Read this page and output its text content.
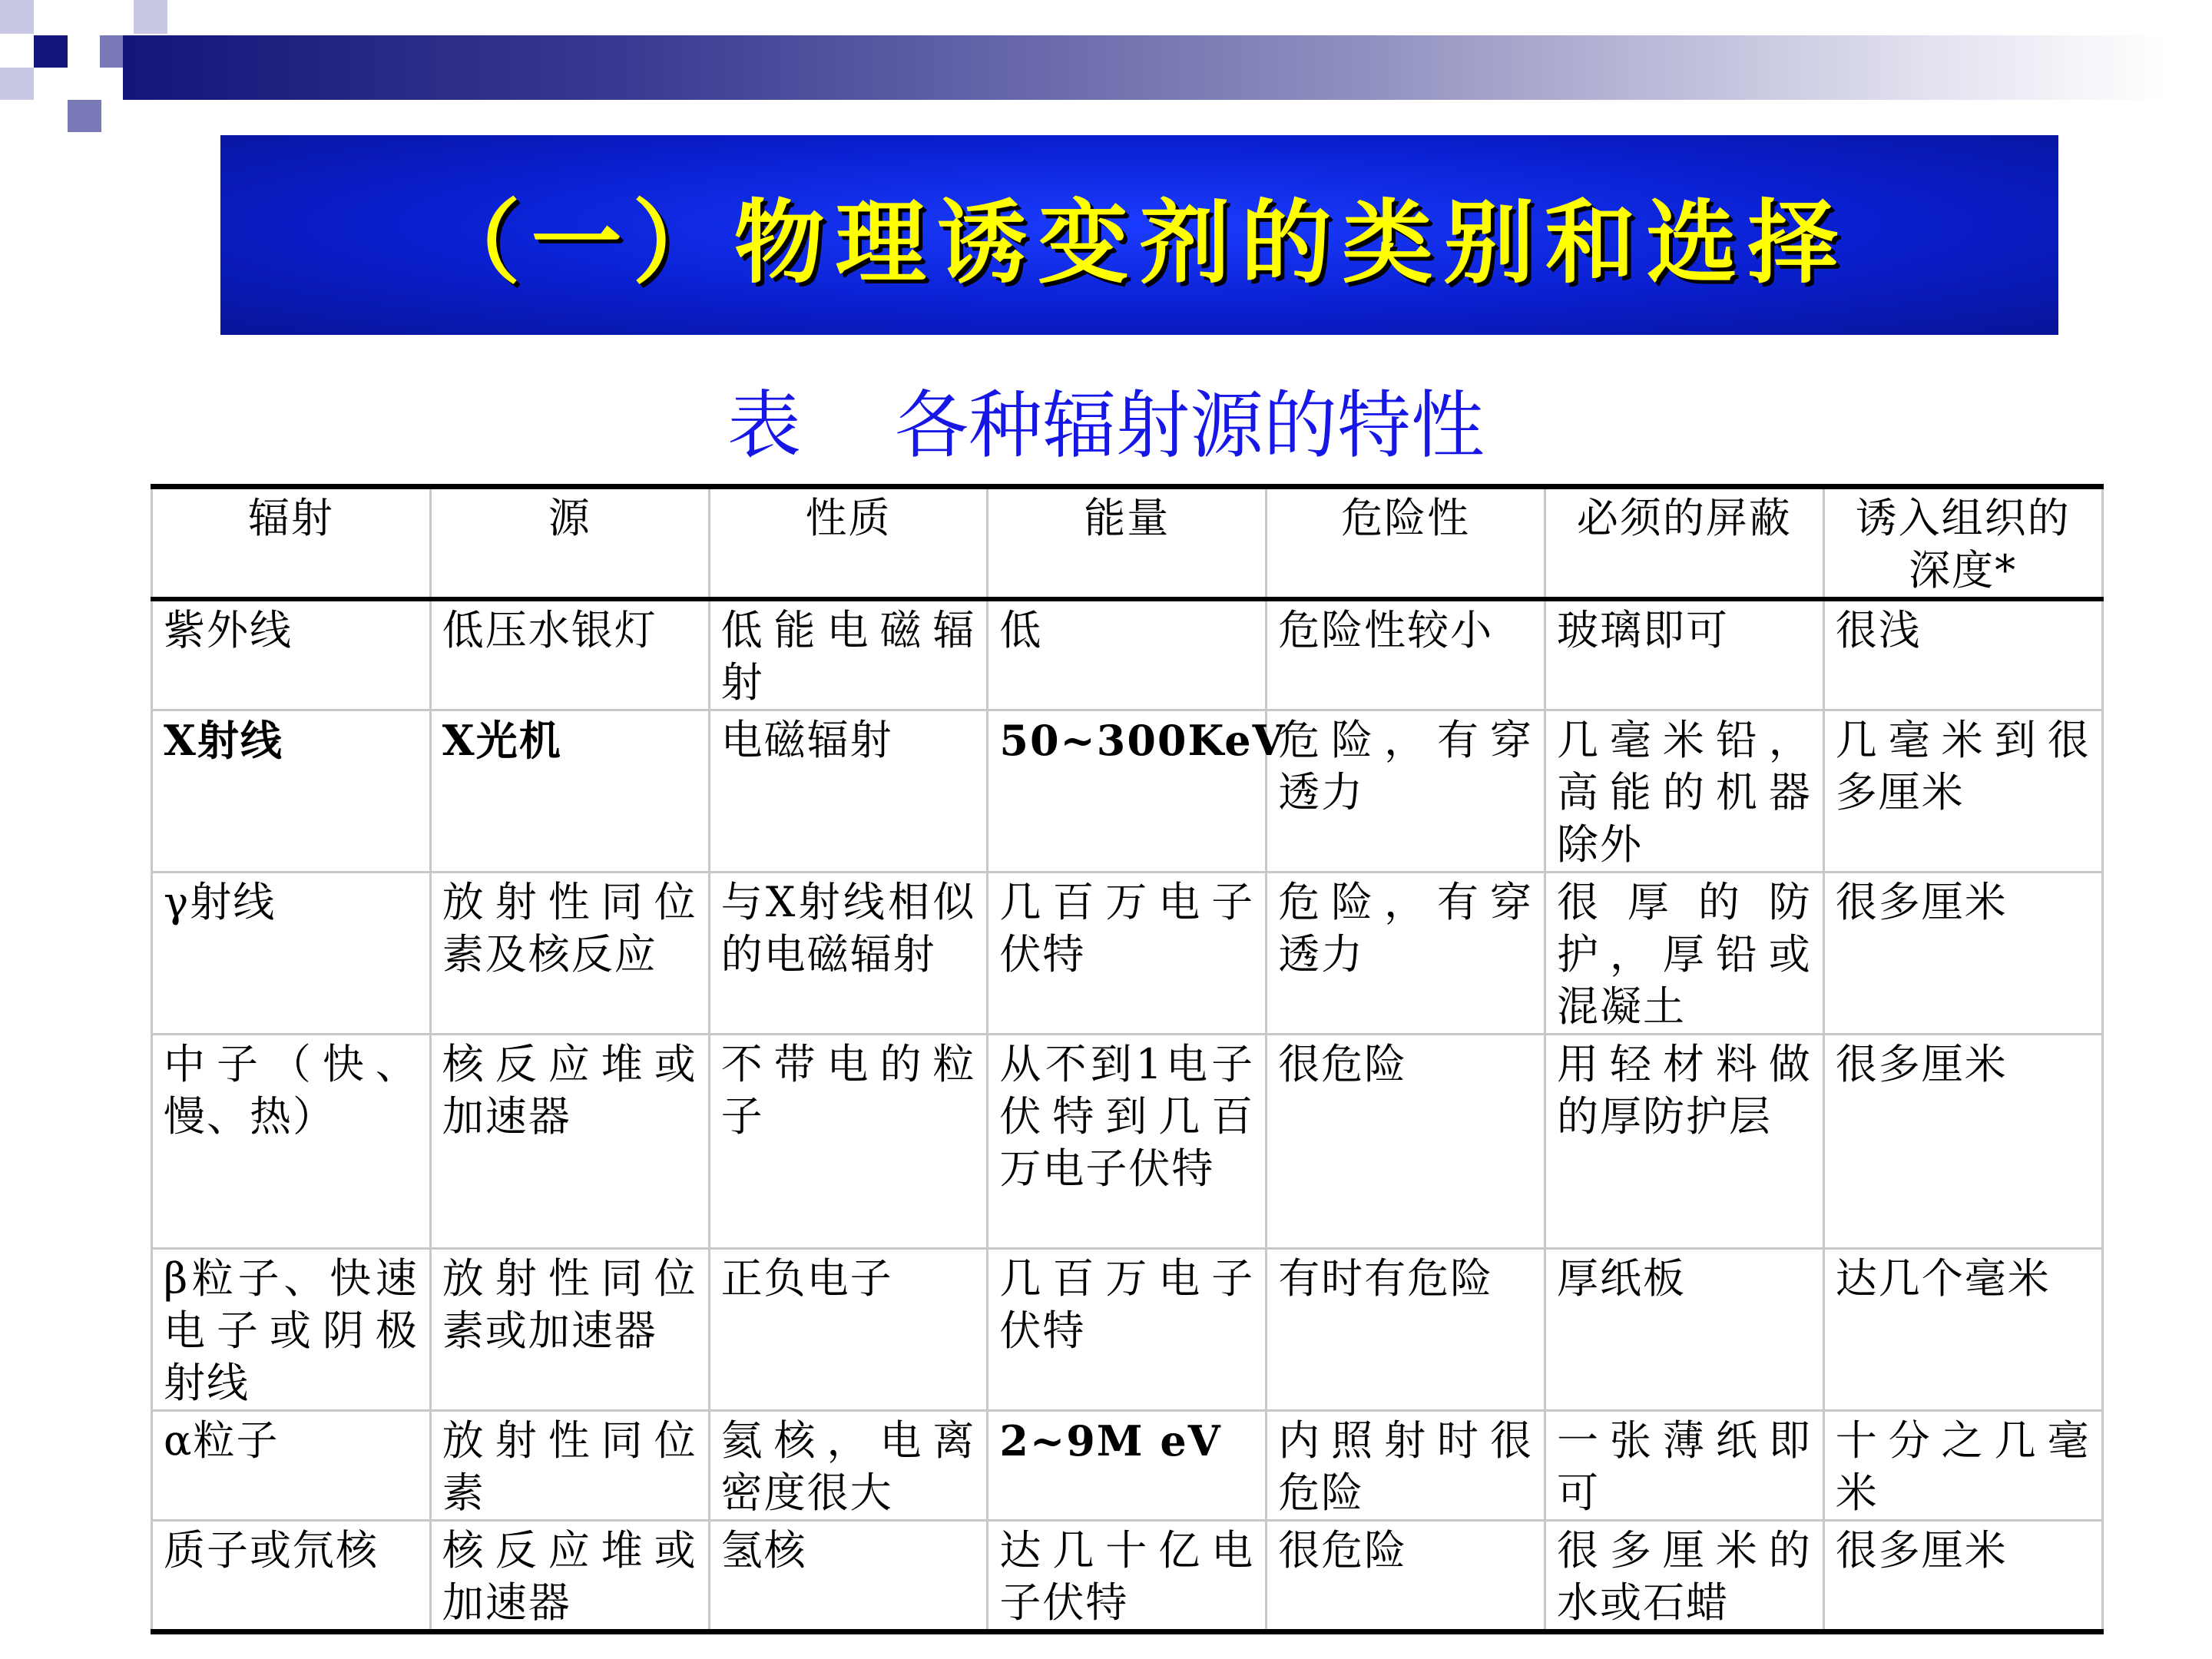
（一）物理诱变剂的类别和选择
表    各种辐射源的特性
辐射	源	性质	能量	危险性	必须的屏蔽	诱入组织的深度*
紫外线	低压水银灯	低能电磁辐射	低	危险性较小	玻璃即可	很浅
X射线	X光机	电磁辐射	50~300KeV	危险，有穿透力	几毫米铅，高能的机器除外	几毫米到很多厘米
γ射线	放射性同位素及核反应	与X射线相似的电磁辐射	几百万电子伏特	危险，有穿透力	很厚的防护，厚铅或混凝土	很多厘米
中子（快、慢、热）	核反应堆或加速器	不带电的粒子	从不到1电子伏特到几百万电子伏特	很危险	用轻材料做的厚防护层	很多厘米
β粒子、快速电子或阴极射线	放射性同位素或加速器	正负电子	几百万电子伏特	有时有危险	厚纸板	达几个毫米
α粒子	放射性同位素	氦核，电离密度很大	2~9M eV	内照射时很危险	一张薄纸即可	十分之几毫米
质子或氘核	核反应堆或加速器	氢核	达几十亿电子伏特	很危险	很多厘米的水或石蜡	很多厘米
